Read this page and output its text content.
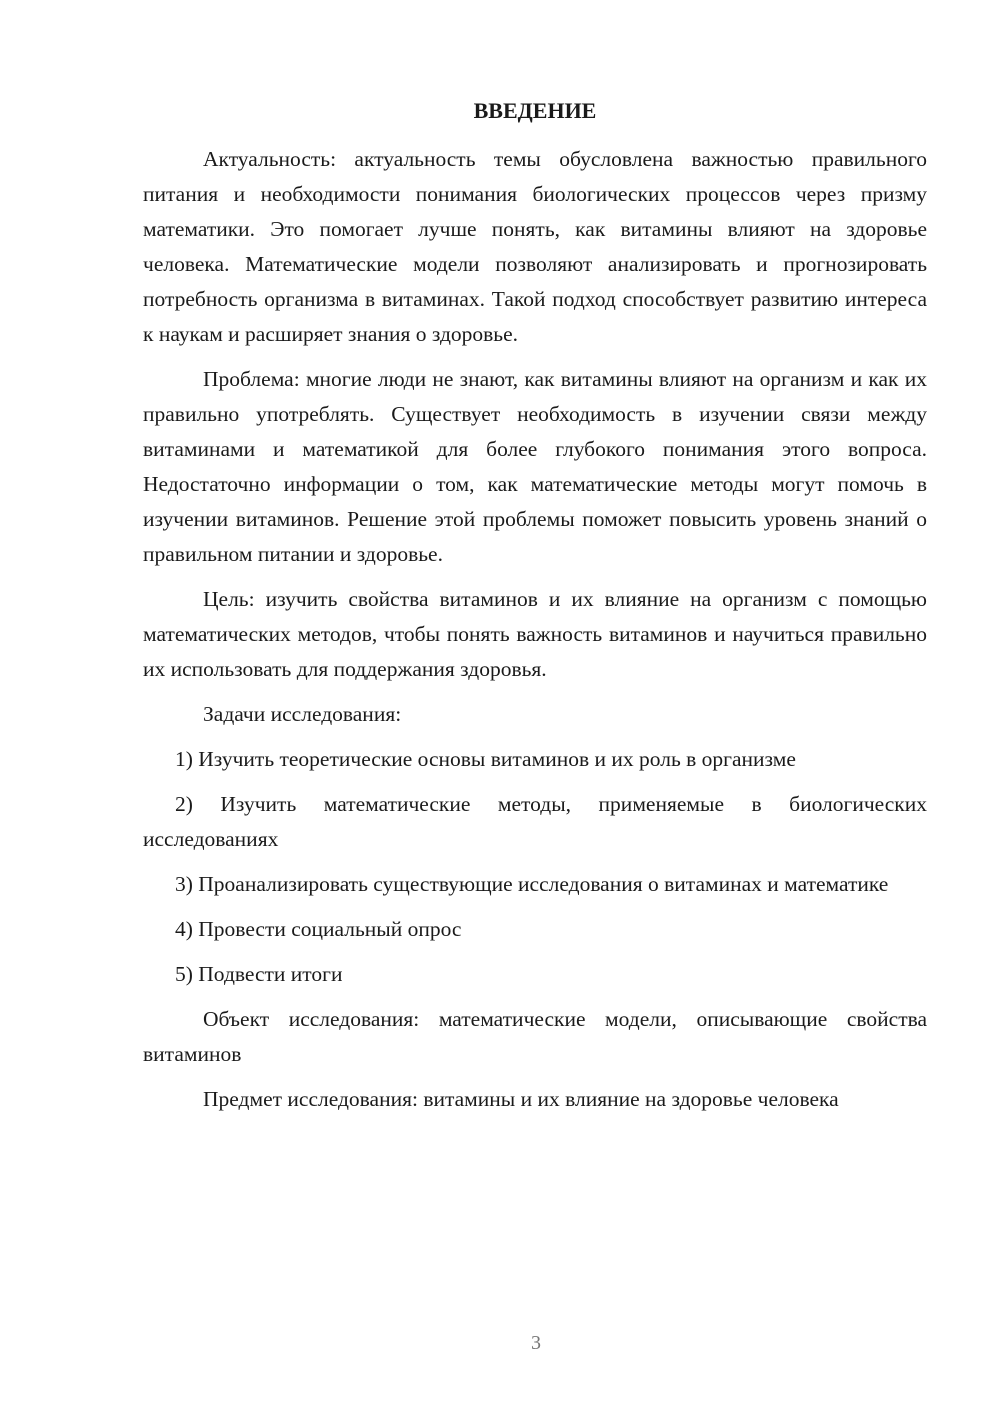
ВВЕДЕНИЕ

Актуальность: актуальность темы обусловлена важностью правильного питания и необходимости понимания биологических процессов через призму математики. Это помогает лучше понять, как витамины влияют на здоровье человека. Математические модели позволяют анализировать и прогнозировать потребность организма в витаминах. Такой подход способствует развитию интереса к наукам и расширяет знания о здоровье.

Проблема: многие люди не знают, как витамины влияют на организм и как их правильно употреблять. Существует необходимость в изучении связи между витаминами и математикой для более глубокого понимания этого вопроса. Недостаточно информации о том, как математические методы могут помочь в изучении витаминов. Решение этой проблемы поможет повысить уровень знаний о правильном питании и здоровье.

Цель: изучить свойства витаминов и их влияние на организм с помощью математических методов, чтобы понять важность витаминов и научиться правильно их использовать для поддержания здоровья.

Задачи исследования:

1) Изучить теоретические основы витаминов и их роль в организме

2) Изучить математические методы, применяемые в биологических исследованиях

3) Проанализировать существующие исследования о витаминах и математике

4) Провести социальный опрос

5) Подвести итоги

Объект исследования: математические модели, описывающие свойства витаминов

Предмет исследования: витамины и их влияние на здоровье человека

3
